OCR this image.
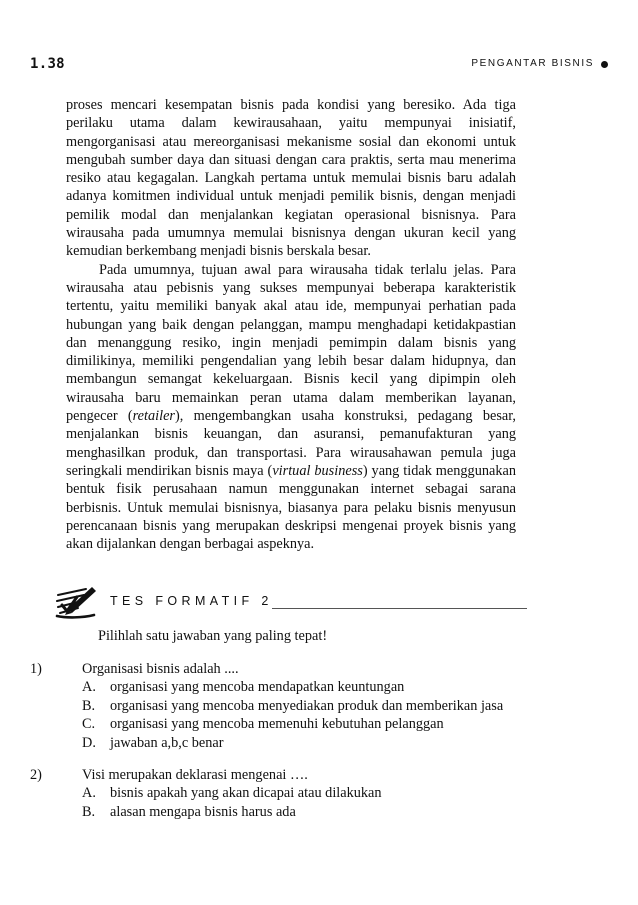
1.38	PENGANTAR BISNIS

proses mencari kesempatan bisnis pada kondisi yang beresiko. Ada tiga perilaku utama dalam kewirausahaan, yaitu mempunyai inisiatif, mengorganisasi atau mereorganisasi mekanisme sosial dan ekonomi untuk mengubah sumber daya dan situasi dengan cara praktis, serta mau menerima resiko atau kegagalan. Langkah pertama untuk memulai bisnis baru adalah adanya komitmen individual untuk menjadi pemilik bisnis, dengan menjadi pemilik modal dan menjalankan kegiatan operasional bisnisnya. Para wirausaha pada umumnya memulai bisnisnya dengan ukuran kecil yang kemudian berkembang menjadi bisnis berskala besar.

Pada umumnya, tujuan awal para wirausaha tidak terlalu jelas. Para wirausaha atau pebisnis yang sukses mempunyai beberapa karakteristik tertentu, yaitu memiliki banyak akal atau ide, mempunyai perhatian pada hubungan yang baik dengan pelanggan, mampu menghadapi ketidakpastian dan menanggung resiko, ingin menjadi pemimpin dalam bisnis yang dimilikinya, memiliki pengendalian yang lebih besar dalam hidupnya, dan membangun semangat kekeluargaan. Bisnis kecil yang dipimpin oleh wirausaha baru memainkan peran utama dalam memberikan layanan, pengecer (retailer), mengembangkan usaha konstruksi, pedagang besar, menjalankan bisnis keuangan, dan asuransi, pemanufakturan yang menghasilkan produk, dan transportasi. Para wirausahawan pemula juga seringkali mendirikan bisnis maya (virtual business) yang tidak menggunakan bentuk fisik perusahaan namun menggunakan internet sebagai sarana berbisnis. Untuk memulai bisnisnya, biasanya para pelaku bisnis menyusun perencanaan bisnis yang merupakan deskripsi mengenai proyek bisnis yang akan dijalankan dengan berbagai aspeknya.

TES FORMATIF 2
Pilihlah satu jawaban yang paling tepat!
1)	Organisasi bisnis adalah ....
A. organisasi yang mencoba mendapatkan keuntungan
B. organisasi yang mencoba menyediakan produk dan memberikan jasa
C. organisasi yang mencoba memenuhi kebutuhan pelanggan
D. jawaban a,b,c benar
2)	Visi merupakan deklarasi mengenai ….
A. bisnis apakah yang akan dicapai atau dilakukan
B. alasan mengapa bisnis harus ada
